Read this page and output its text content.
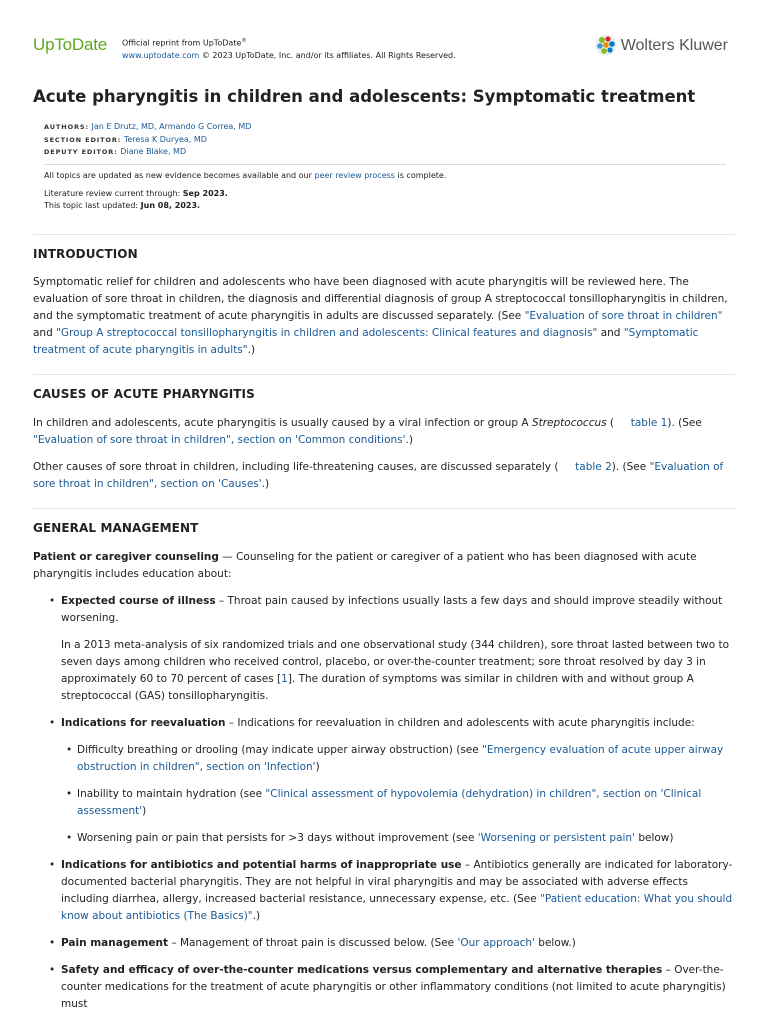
UpToDate Official reprint from UpToDate®
www.uptodate.com © 2023 UpToDate, Inc. and/or its affiliates. All Rights Reserved.
Wolters Kluwer
Acute pharyngitis in children and adolescents: Symptomatic treatment
AUTHORS: Jan E Drutz, MD, Armando G Correa, MD
SECTION EDITOR: Teresa K Duryea, MD
DEPUTY EDITOR: Diane Blake, MD
All topics are updated as new evidence becomes available and our peer review process is complete.
Literature review current through: Sep 2023.
This topic last updated: Jun 08, 2023.
INTRODUCTION
Symptomatic relief for children and adolescents who have been diagnosed with acute pharyngitis will be reviewed here. The evaluation of sore throat in children, the diagnosis and differential diagnosis of group A streptococcal tonsillopharyngitis in children, and the symptomatic treatment of acute pharyngitis in adults are discussed separately. (See "Evaluation of sore throat in children" and "Group A streptococcal tonsillopharyngitis in children and adolescents: Clinical features and diagnosis" and "Symptomatic treatment of acute pharyngitis in adults".)
CAUSES OF ACUTE PHARYNGITIS
In children and adolescents, acute pharyngitis is usually caused by a viral infection or group A Streptococcus ( table 1). (See "Evaluation of sore throat in children", section on 'Common conditions'.)
Other causes of sore throat in children, including life-threatening causes, are discussed separately ( table 2). (See "Evaluation of sore throat in children", section on 'Causes'.)
GENERAL MANAGEMENT
Patient or caregiver counseling — Counseling for the patient or caregiver of a patient who has been diagnosed with acute pharyngitis includes education about:
• Expected course of illness – Throat pain caused by infections usually lasts a few days and should improve steadily without worsening.
In a 2013 meta-analysis of six randomized trials and one observational study (344 children), sore throat lasted between two to seven days among children who received control, placebo, or over-the-counter treatment; sore throat resolved by day 3 in approximately 60 to 70 percent of cases [1]. The duration of symptoms was similar in children with and without group A streptococcal (GAS) tonsillopharyngitis.
• Indications for reevaluation – Indications for reevaluation in children and adolescents with acute pharyngitis include:
• Difficulty breathing or drooling (may indicate upper airway obstruction) (see "Emergency evaluation of acute upper airway obstruction in children", section on 'Infection')
• Inability to maintain hydration (see "Clinical assessment of hypovolemia (dehydration) in children", section on 'Clinical assessment')
• Worsening pain or pain that persists for >3 days without improvement (see 'Worsening or persistent pain' below)
• Indications for antibiotics and potential harms of inappropriate use – Antibiotics generally are indicated for laboratory-documented bacterial pharyngitis. They are not helpful in viral pharyngitis and may be associated with adverse effects including diarrhea, allergy, increased bacterial resistance, unnecessary expense, etc. (See "Patient education: What you should know about antibiotics (The Basics)".)
• Pain management – Management of throat pain is discussed below. (See 'Our approach' below.)
• Safety and efficacy of over-the-counter medications versus complementary and alternative therapies – Over-the-counter medications for the treatment of acute pharyngitis or other inflammatory conditions (not limited to acute pharyngitis) must
